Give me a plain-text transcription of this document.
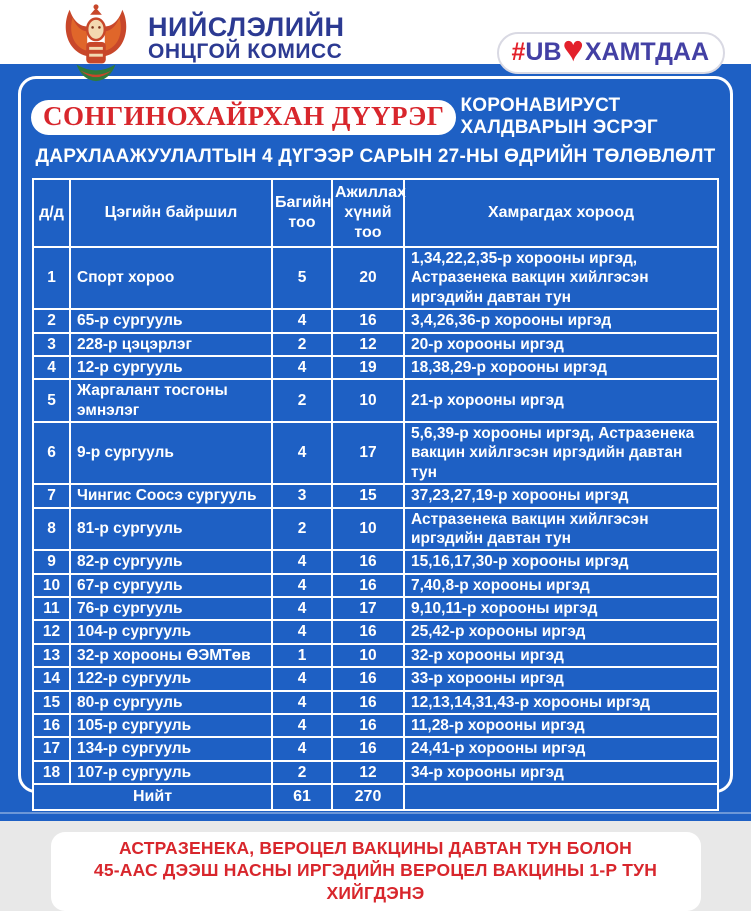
НИЙСЛЭЛИЙН
ОНЦГОЙ КОМИСС	# UB ♥ ХАМТДАА
СОНГИНОХАЙРХАН ДҮҮРЭГ КОРОНАВИРУСТ ХАЛДВАРЫН ЭСРЭГ
ДАРХЛААЖУУЛАЛТЫН 4 ДҮГЭЭР САРЫН 27-НЫ ӨДРИЙН ТӨЛӨВЛӨЛТ
д/д	Цэгийн байршил	Багийн тоо	Ажиллах хүний тоо	Хамрагдах хороод
1	Спорт хороо	5	20	1,34,22,2,35-р хорооны иргэд, Астразенека вакцин хийлгэсэн иргэдийн давтан тун
2	65-р сургууль	4	16	3,4,26,36-р хорооны иргэд
3	228-р цэцэрлэг	2	12	20-р хорооны иргэд
4	12-р сургууль	4	19	18,38,29-р хорооны иргэд
5	Жаргалант тосгоны эмнэлэг	2	10	21-р хорооны иргэд
6	9-р сургууль	4	17	5,6,39-р хорооны иргэд, Астразенека вакцин хийлгэсэн иргэдийн давтан тун
7	Чингис Соосэ сургууль	3	15	37,23,27,19-р хорооны иргэд
8	81-р сургууль	2	10	Астразенека вакцин хийлгэсэн иргэдийн давтан тун
9	82-р сургууль	4	16	15,16,17,30-р хорооны иргэд
10	67-р сургууль	4	16	7,40,8-р хорооны иргэд
11	76-р сургууль	4	17	9,10,11-р хорооны иргэд
12	104-р сургууль	4	16	25,42-р хорооны иргэд
13	32-р хорооны ӨЭМТөв	1	10	32-р хорооны иргэд
14	122-р сургууль	4	16	33-р хорооны иргэд
15	80-р сургууль	4	16	12,13,14,31,43-р хорооны иргэд
16	105-р сургууль	4	16	11,28-р хорооны иргэд
17	134-р сургууль	4	16	24,41-р хорооны иргэд
18	107-р сургууль	2	12	34-р хорооны иргэд
Нийт		61	270	
АСТРАЗЕНЕКА, ВЕРОЦЕЛ ВАКЦИНЫ ДАВТАН ТУН БОЛОН
45-ААС ДЭЭШ НАСНЫ ИРГЭДИЙН ВЕРОЦЕЛ ВАКЦИНЫ 1-Р ТУН ХИЙГДЭНЭ
